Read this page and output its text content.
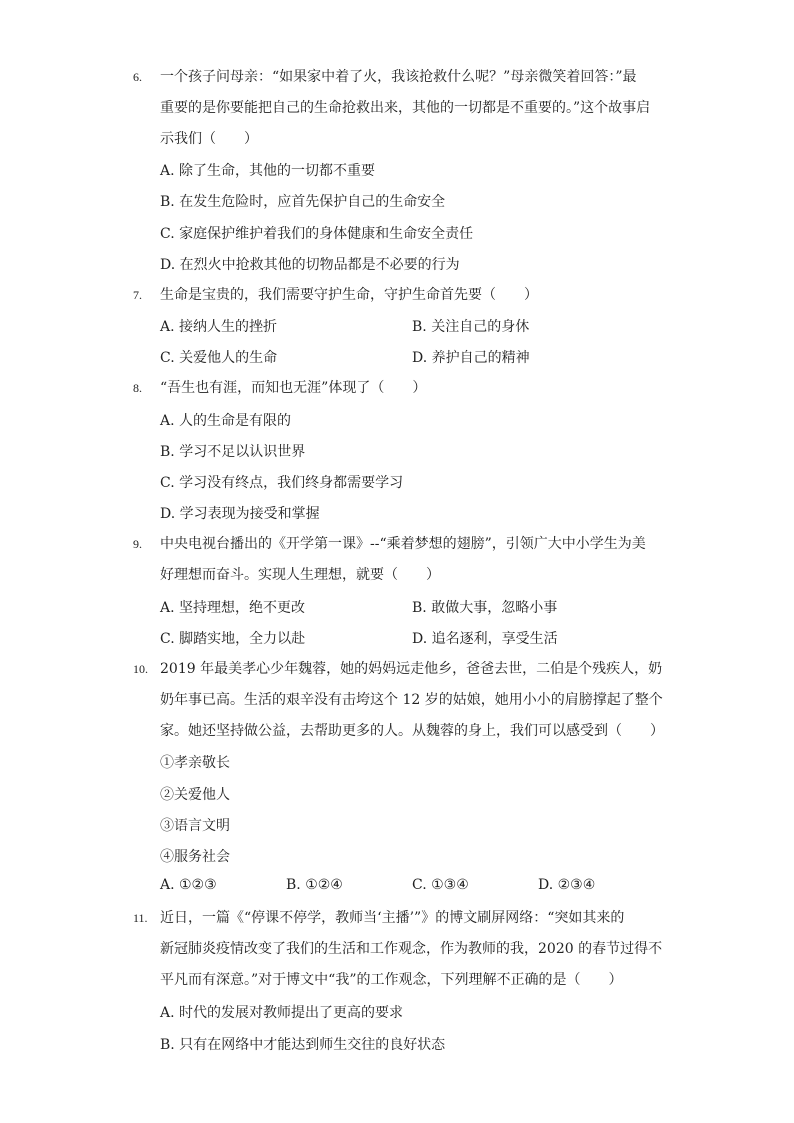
6. 一个孩子问母亲：“如果家中着了火，我该抢救什么呢？”母亲微笑着回答：”最
重要的是你要能把自己的生命抢救出来，其他的一切都是不重要的。”这个故事启
示我们（　　）
A. 除了生命，其他的一切都不重要
B. 在发生危险时，应首先保护自己的生命安全
C. 家庭保护维护着我们的身体健康和生命安全责任
D. 在烈火中抢救其他的切物品都是不必要的行为
7. 生命是宝贵的，我们需要守护生命，守护生命首先要（　　）
A. 接纳人生的挫折	B. 关注自己的身休
C. 关爱他人的生命	D. 养护自己的精神
8. “吾生也有涯，而知也无涯”体现了（　　）
A. 人的生命是有限的
B. 学习不足以认识世界
C. 学习没有终点，我们终身都需要学习
D. 学习表现为接受和掌握
9. 中央电视台播出的《开学第一课》--“乘着梦想的翅膀”，引领广大中小学生为美
好理想而奋斗。实现人生理想，就要（　　）
A. 坚持理想，绝不更改	B. 敢做大事，忽略小事
C. 脚踏实地，全力以赴	D. 追名逐利，享受生活
10. 2019 年最美孝心少年魏蓉，她的妈妈远走他乡，爸爸去世，二伯是个残疾人，奶
奶年事已高。生活的艰辛没有击垮这个 12 岁的姑娘，她用小小的肩膀撑起了整个
家。她还坚持做公益，去帮助更多的人。从魏蓉的身上，我们可以感受到（　　）
①孝亲敬长
②关爱他人
③语言文明
④服务社会
A. ①②③	B. ①②④	C. ①③④	D. ②③④
11. 近日，一篇《“停课不停学，教师当‘主播’”》的博文刷屏网络：“突如其来的
新冠肺炎疫情改变了我们的生活和工作观念，作为教师的我，2020 的春节过得不
平凡而有深意。”对于博文中“我”的工作观念，下列理解不正确的是（　　）
A. 时代的发展对教师提出了更高的要求
B. 只有在网络中才能达到师生交往的良好状态
